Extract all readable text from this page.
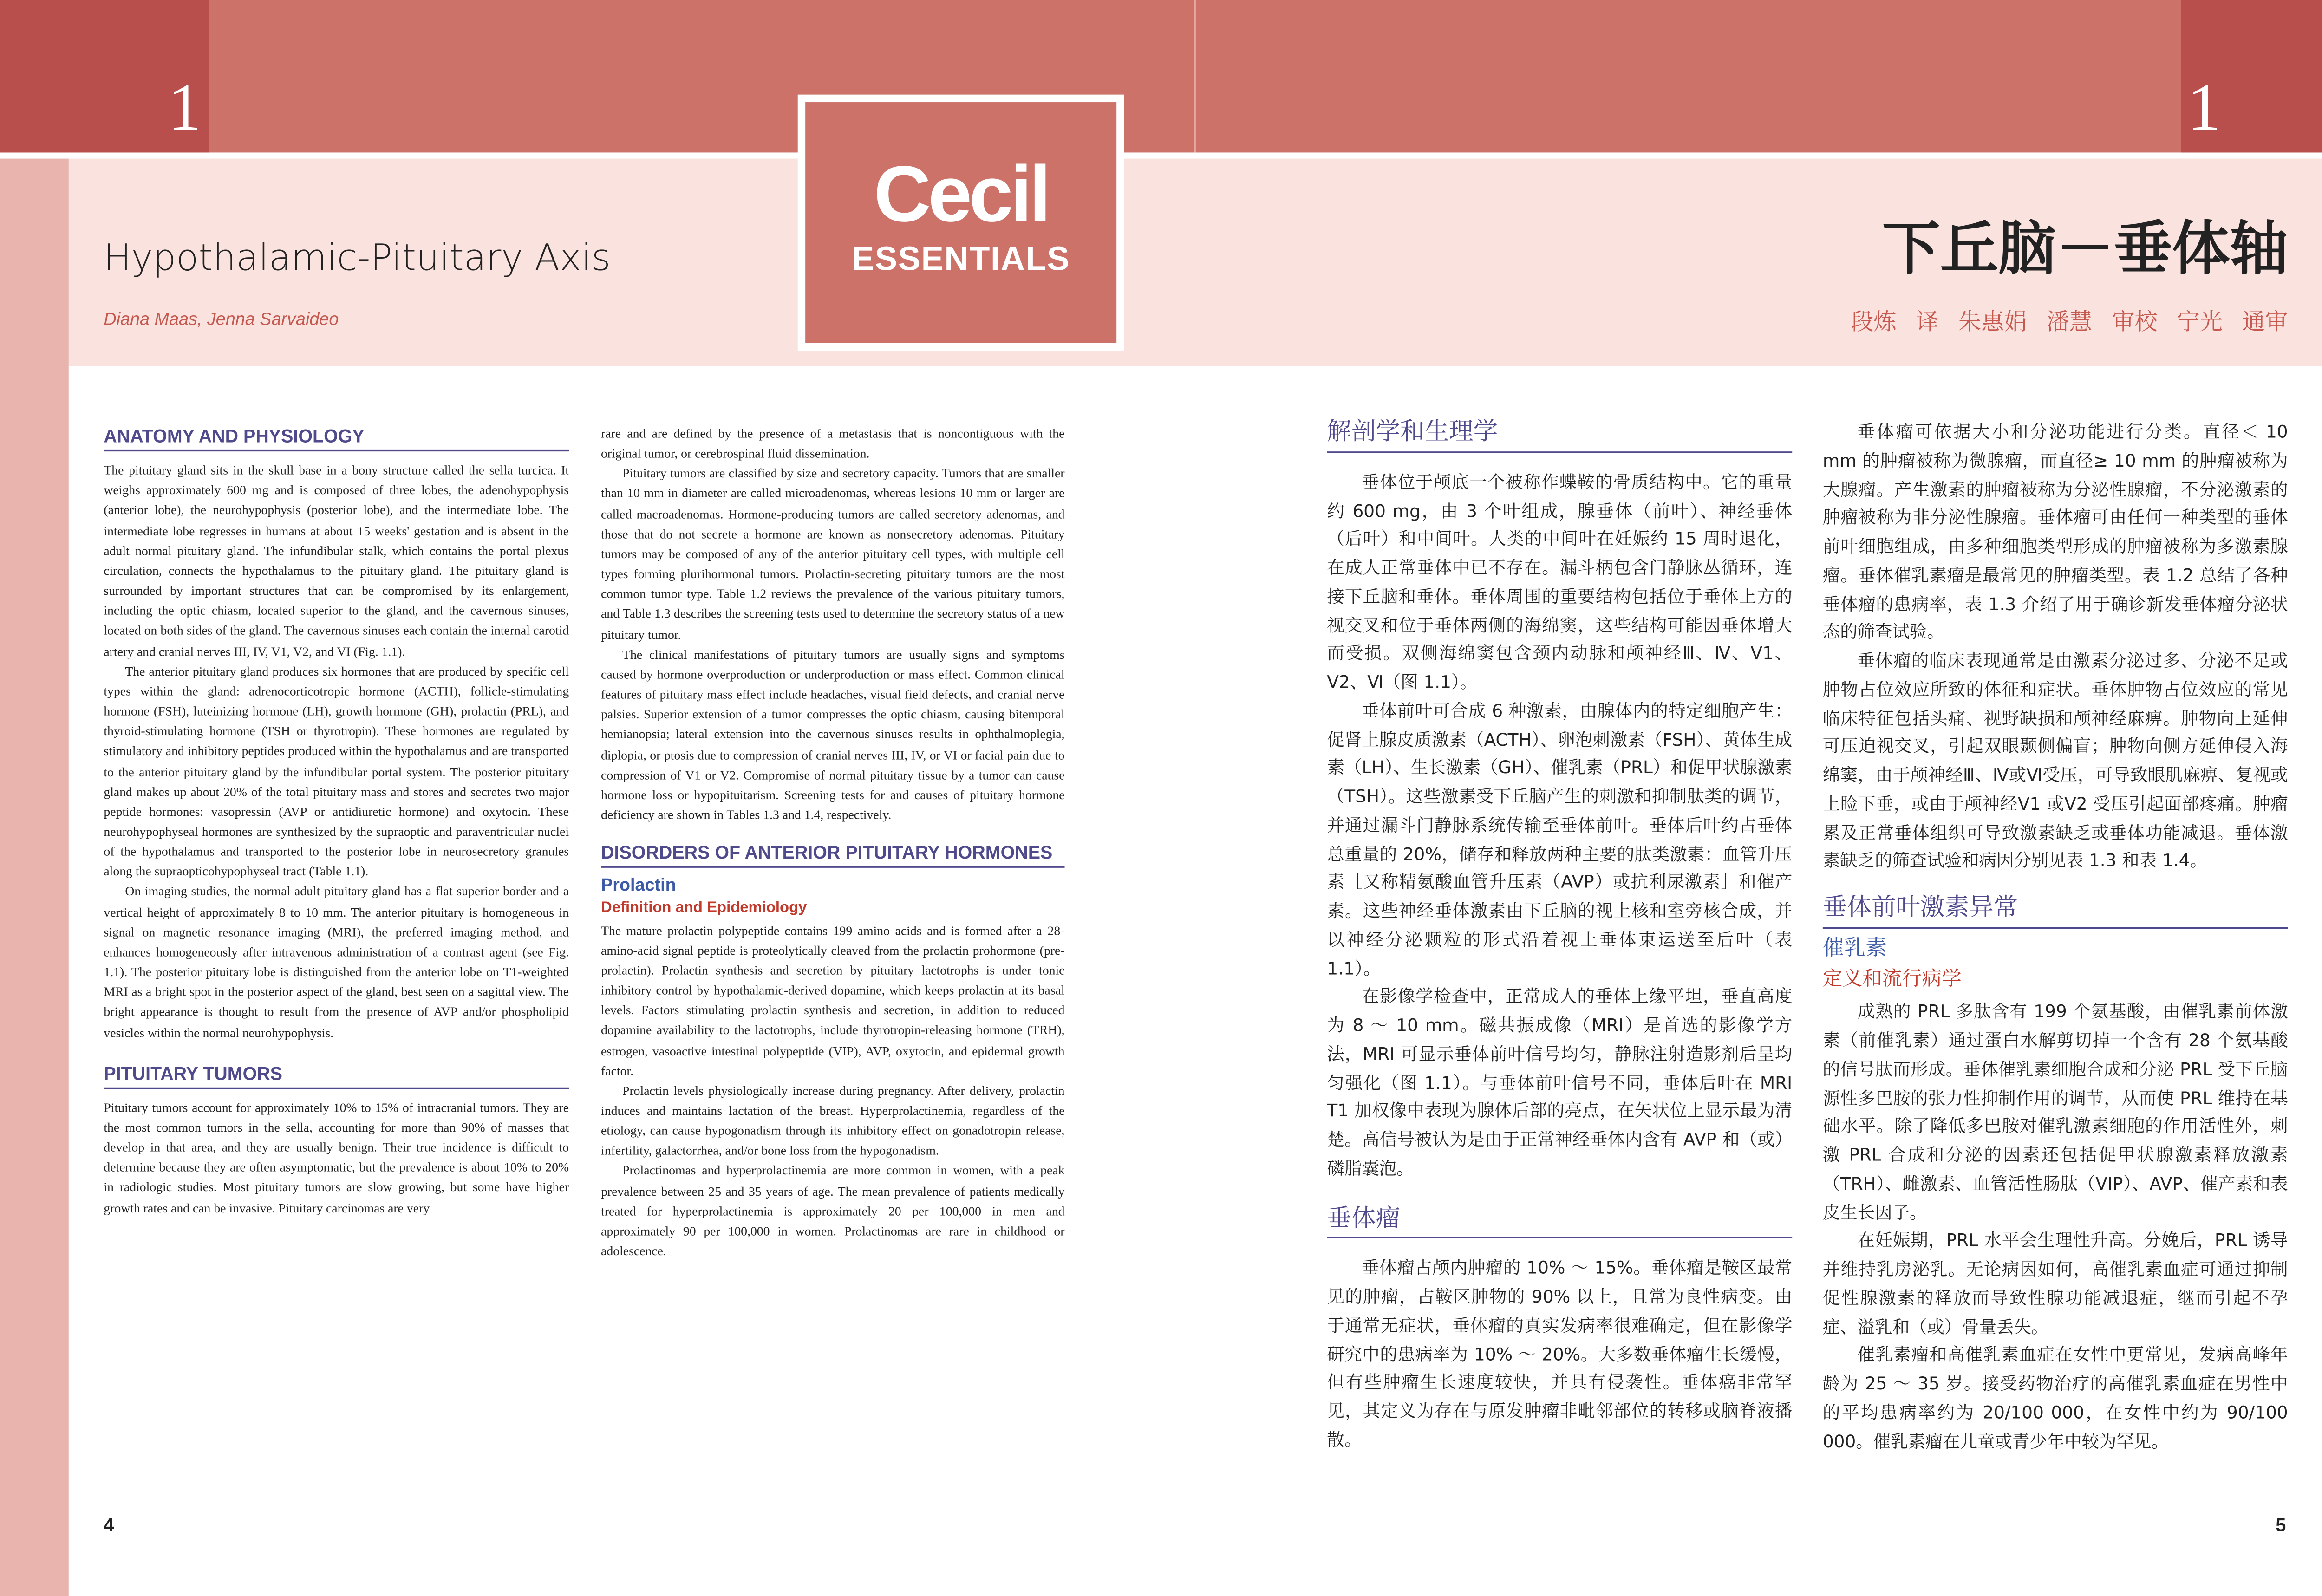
1	1
Cecil
ESSENTIALS
Hypothalamic-Pituitary Axis
Diana Maas, Jenna Sarvaideo
下丘脑－垂体轴
段炼 译 朱惠娟 潘慧 审校 宁光 通审
ANATOMY AND PHYSIOLOGY

The pituitary gland sits in the skull base in a bony structure called the sella turcica. It weighs approximately 600 mg and is composed of three lobes, the adenohypophysis (anterior lobe), the neurohypophysis (posterior lobe), and the intermediate lobe. The intermediate lobe regresses in humans at about 15 weeks' gestation and is absent in the adult normal pituitary gland. The infundibular stalk, which contains the portal plexus circulation, connects the hypothalamus to the pituitary gland. The pituitary gland is surrounded by important structures that can be compromised by its enlargement, including the optic chiasm, located superior to the gland, and the cavernous sinuses, located on both sides of the gland. The cavernous sinuses each contain the internal carotid artery and cranial nerves III, IV, V1, V2, and VI (Fig. 1.1).

The anterior pituitary gland produces six hormones that are produced by specific cell types within the gland: adrenocorticotropic hormone (ACTH), follicle-stimulating hormone (FSH), luteinizing hormone (LH), growth hormone (GH), prolactin (PRL), and thyroid-stimulating hormone (TSH or thyrotropin). These hormones are regulated by stimulatory and inhibitory peptides produced within the hypothalamus and are transported to the anterior pituitary gland by the infundibular portal system. The posterior pituitary gland makes up about 20% of the total pituitary mass and stores and secretes two major peptide hormones: vasopressin (AVP or antidiuretic hormone) and oxytocin. These neurohypophyseal hormones are synthesized by the supraoptic and paraventricular nuclei of the hypothalamus and transported to the posterior lobe in neurosecretory granules along the supraopticohypophyseal tract (Table 1.1).

On imaging studies, the normal adult pituitary gland has a flat superior border and a vertical height of approximately 8 to 10 mm. The anterior pituitary is homogeneous in signal on magnetic resonance imaging (MRI), the preferred imaging method, and enhances homogeneously after intravenous administration of a contrast agent (see Fig. 1.1). The posterior pituitary lobe is distinguished from the anterior lobe on T1-weighted MRI as a bright spot in the posterior aspect of the gland, best seen on a sagittal view. The bright appearance is thought to result from the presence of AVP and/or phospholipid vesicles within the normal neurohypophysis.

PITUITARY TUMORS

Pituitary tumors account for approximately 10% to 15% of intracranial tumors. They are the most common tumors in the sella, accounting for more than 90% of masses that develop in that area, and they are usually benign. Their true incidence is difficult to determine because they are often asymptomatic, but the prevalence is about 10% to 20% in radiologic studies. Most pituitary tumors are slow growing, but some have higher growth rates and can be invasive. Pituitary carcinomas are very

rare and are defined by the presence of a metastasis that is noncontiguous with the original tumor, or cerebrospinal fluid dissemination.

Pituitary tumors are classified by size and secretory capacity. Tumors that are smaller than 10 mm in diameter are called microadenomas, whereas lesions 10 mm or larger are called macroadenomas. Hormone-producing tumors are called secretory adenomas, and those that do not secrete a hormone are known as nonsecretory adenomas. Pituitary tumors may be composed of any of the anterior pituitary cell types, with multiple cell types forming plurihormonal tumors. Prolactin-secreting pituitary tumors are the most common tumor type. Table 1.2 reviews the prevalence of the various pituitary tumors, and Table 1.3 describes the screening tests used to determine the secretory status of a new pituitary tumor.

The clinical manifestations of pituitary tumors are usually signs and symptoms caused by hormone overproduction or underproduction or mass effect. Common clinical features of pituitary mass effect include headaches, visual field defects, and cranial nerve palsies. Superior extension of a tumor compresses the optic chiasm, causing bitemporal hemianopsia; lateral extension into the cavernous sinuses results in ophthalmoplegia, diplopia, or ptosis due to compression of cranial nerves III, IV, or VI or facial pain due to compression of V1 or V2. Compromise of normal pituitary tissue by a tumor can cause hormone loss or hypopituitarism. Screening tests for and causes of pituitary hormone deficiency are shown in Tables 1.3 and 1.4, respectively.

DISORDERS OF ANTERIOR PITUITARY HORMONES
Prolactin
Definition and Epidemiology

The mature prolactin polypeptide contains 199 amino acids and is formed after a 28-amino-acid signal peptide is proteolytically cleaved from the prolactin prohormone (pre-prolactin). Prolactin synthesis and secretion by pituitary lactotrophs is under tonic inhibitory control by hypothalamic-derived dopamine, which keeps prolactin at its basal levels. Factors stimulating prolactin synthesis and secretion, in addition to reduced dopamine availability to the lactotrophs, include thyrotropin-releasing hormone (TRH), estrogen, vasoactive intestinal polypeptide (VIP), AVP, oxytocin, and epidermal growth factor.

Prolactin levels physiologically increase during pregnancy. After delivery, prolactin induces and maintains lactation of the breast. Hyperprolactinemia, regardless of the etiology, can cause hypogonadism through its inhibitory effect on gonadotropin release, infertility, galactorrhea, and/or bone loss from the hypogonadism.

Prolactinomas and hyperprolactinemia are more common in women, with a peak prevalence between 25 and 35 years of age. The mean prevalence of patients medically treated for hyperprolactinemia is approximately 20 per 100,000 in men and approximately 90 per 100,000 in women. Prolactinomas are rare in childhood or adolescence.

解剖学和生理学

垂体位于颅底一个被称作蝶鞍的骨质结构中。它的重量约 600 mg，由 3 个叶组成，腺垂体（前叶）、神经垂体（后叶）和中间叶。人类的中间叶在妊娠约 15 周时退化，在成人正常垂体中已不存在。漏斗柄包含门静脉丛循环，连接下丘脑和垂体。垂体周围的重要结构包括位于垂体上方的视交叉和位于垂体两侧的海绵窦，这些结构可能因垂体增大而受损。双侧海绵窦包含颈内动脉和颅神经Ⅲ、Ⅳ、V1、V2、Ⅵ（图 1.1）。

垂体前叶可合成 6 种激素，由腺体内的特定细胞产生：促肾上腺皮质激素（ACTH）、卵泡刺激素（FSH）、黄体生成素（LH）、生长激素（GH）、催乳素（PRL）和促甲状腺激素（TSH）。这些激素受下丘脑产生的刺激和抑制肽类的调节，并通过漏斗门静脉系统传输至垂体前叶。垂体后叶约占垂体总重量的 20%，储存和释放两种主要的肽类激素：血管升压素［又称精氨酸血管升压素（AVP）或抗利尿激素］和催产素。这些神经垂体激素由下丘脑的视上核和室旁核合成，并以神经分泌颗粒的形式沿着视上垂体束运送至后叶（表 1.1）。

在影像学检查中，正常成人的垂体上缘平坦，垂直高度为 8 ～ 10 mm。磁共振成像（MRI）是首选的影像学方法，MRI 可显示垂体前叶信号均匀，静脉注射造影剂后呈均匀强化（图 1.1）。与垂体前叶信号不同，垂体后叶在 MRI T1 加权像中表现为腺体后部的亮点，在矢状位上显示最为清楚。高信号被认为是由于正常神经垂体内含有 AVP 和（或）磷脂囊泡。

垂体瘤

垂体瘤占颅内肿瘤的 10% ～ 15%。垂体瘤是鞍区最常见的肿瘤，占鞍区肿物的 90% 以上，且常为良性病变。由于通常无症状，垂体瘤的真实发病率很难确定，但在影像学研究中的患病率为 10% ～ 20%。大多数垂体瘤生长缓慢，但有些肿瘤生长速度较快，并具有侵袭性。垂体癌非常罕见，其定义为存在与原发肿瘤非毗邻部位的转移或脑脊液播散。

垂体瘤可依据大小和分泌功能进行分类。直径＜ 10 mm 的肿瘤被称为微腺瘤，而直径≥ 10 mm 的肿瘤被称为大腺瘤。产生激素的肿瘤被称为分泌性腺瘤，不分泌激素的肿瘤被称为非分泌性腺瘤。垂体瘤可由任何一种类型的垂体前叶细胞组成，由多种细胞类型形成的肿瘤被称为多激素腺瘤。垂体催乳素瘤是最常见的肿瘤类型。表 1.2 总结了各种垂体瘤的患病率，表 1.3 介绍了用于确诊新发垂体瘤分泌状态的筛查试验。

垂体瘤的临床表现通常是由激素分泌过多、分泌不足或肿物占位效应所致的体征和症状。垂体肿物占位效应的常见临床特征包括头痛、视野缺损和颅神经麻痹。肿物向上延伸可压迫视交叉，引起双眼颞侧偏盲；肿物向侧方延伸侵入海绵窦，由于颅神经Ⅲ、Ⅳ或Ⅵ受压，可导致眼肌麻痹、复视或上睑下垂，或由于颅神经V1 或V2 受压引起面部疼痛。肿瘤累及正常垂体组织可导致激素缺乏或垂体功能减退。垂体激素缺乏的筛查试验和病因分别见表 1.3 和表 1.4。

垂体前叶激素异常
催乳素
定义和流行病学

成熟的 PRL 多肽含有 199 个氨基酸，由催乳素前体激素（前催乳素）通过蛋白水解剪切掉一个含有 28 个氨基酸的信号肽而形成。垂体催乳素细胞合成和分泌 PRL 受下丘脑源性多巴胺的张力性抑制作用的调节，从而使 PRL 维持在基础水平。除了降低多巴胺对催乳激素细胞的作用活性外，刺激 PRL 合成和分泌的因素还包括促甲状腺激素释放激素（TRH）、雌激素、血管活性肠肽（VIP）、AVP、催产素和表皮生长因子。

在妊娠期，PRL 水平会生理性升高。分娩后，PRL 诱导并维持乳房泌乳。无论病因如何，高催乳素血症可通过抑制促性腺激素的释放而导致性腺功能减退症，继而引起不孕症、溢乳和（或）骨量丢失。

催乳素瘤和高催乳素血症在女性中更常见，发病高峰年龄为 25 ～ 35 岁。接受药物治疗的高催乳素血症在男性中的平均患病率约为 20/100 000，在女性中约为 90/100 000。催乳素瘤在儿童或青少年中较为罕见。

4	5
